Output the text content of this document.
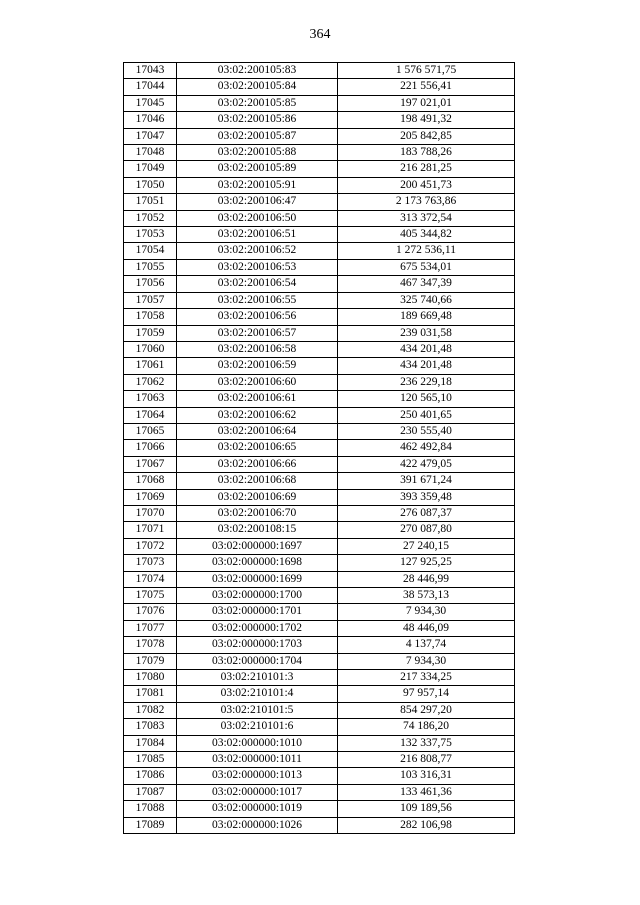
364
17043	03:02:200105:83	1 576 571,75
17044	03:02:200105:84	221 556,41
17045	03:02:200105:85	197 021,01
17046	03:02:200105:86	198 491,32
17047	03:02:200105:87	205 842,85
17048	03:02:200105:88	183 788,26
17049	03:02:200105:89	216 281,25
17050	03:02:200105:91	200 451,73
17051	03:02:200106:47	2 173 763,86
17052	03:02:200106:50	313 372,54
17053	03:02:200106:51	405 344,82
17054	03:02:200106:52	1 272 536,11
17055	03:02:200106:53	675 534,01
17056	03:02:200106:54	467 347,39
17057	03:02:200106:55	325 740,66
17058	03:02:200106:56	189 669,48
17059	03:02:200106:57	239 031,58
17060	03:02:200106:58	434 201,48
17061	03:02:200106:59	434 201,48
17062	03:02:200106:60	236 229,18
17063	03:02:200106:61	120 565,10
17064	03:02:200106:62	250 401,65
17065	03:02:200106:64	230 555,40
17066	03:02:200106:65	462 492,84
17067	03:02:200106:66	422 479,05
17068	03:02:200106:68	391 671,24
17069	03:02:200106:69	393 359,48
17070	03:02:200106:70	276 087,37
17071	03:02:200108:15	270 087,80
17072	03:02:000000:1697	27 240,15
17073	03:02:000000:1698	127 925,25
17074	03:02:000000:1699	28 446,99
17075	03:02:000000:1700	38 573,13
17076	03:02:000000:1701	7 934,30
17077	03:02:000000:1702	48 446,09
17078	03:02:000000:1703	4 137,74
17079	03:02:000000:1704	7 934,30
17080	03:02:210101:3	217 334,25
17081	03:02:210101:4	97 957,14
17082	03:02:210101:5	854 297,20
17083	03:02:210101:6	74 186,20
17084	03:02:000000:1010	132 337,75
17085	03:02:000000:1011	216 808,77
17086	03:02:000000:1013	103 316,31
17087	03:02:000000:1017	133 461,36
17088	03:02:000000:1019	109 189,56
17089	03:02:000000:1026	282 106,98
